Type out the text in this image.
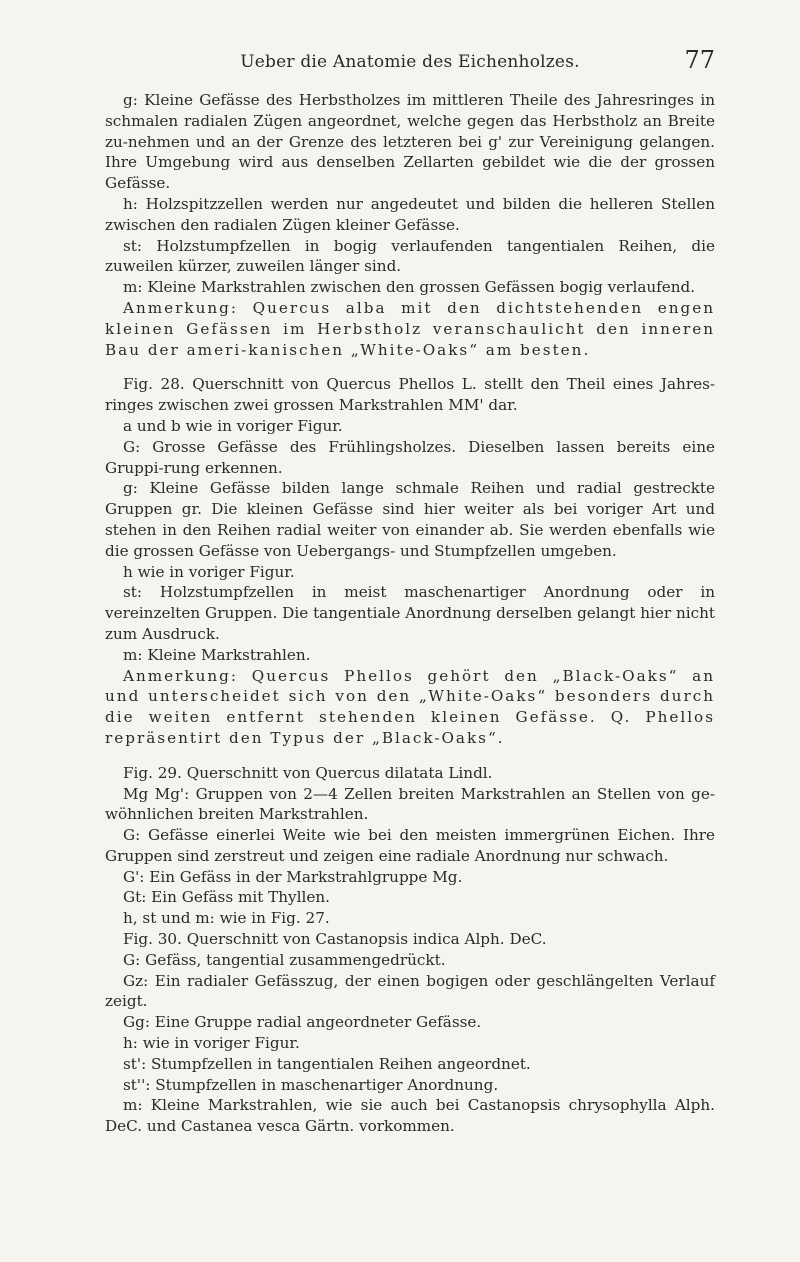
Ueber die Anatomie des Eichenholzes.	77

g: Kleine Gefässe des Herbstholzes im mittleren Theile des Jahresringes in schmalen radialen Zügen angeordnet, welche gegen das Herbstholz an Breite zu-nehmen und an der Grenze des letzteren bei g' zur Vereinigung gelangen. Ihre Umgebung wird aus denselben Zellarten gebildet wie die der grossen Gefässe.

h: Holzspitzzellen werden nur angedeutet und bilden die helleren Stellen zwischen den radialen Zügen kleiner Gefässe.

st: Holzstumpfzellen in bogig verlaufenden tangentialen Reihen, die zuweilen kürzer, zuweilen länger sind.

m: Kleine Markstrahlen zwischen den grossen Gefässen bogig verlaufend.

Anmerkung: Quercus alba mit den dichtstehenden engen kleinen Gefässen im Herbstholz veranschaulicht den inneren Bau der ameri-kanischen „White-Oaks“ am besten.

Fig. 28. Querschnitt von Quercus Phellos L. stellt den Theil eines Jahres-ringes zwischen zwei grossen Markstrahlen MM' dar.

a und b wie in voriger Figur.

G: Grosse Gefässe des Frühlingsholzes. Dieselben lassen bereits eine Gruppi-rung erkennen.

g: Kleine Gefässe bilden lange schmale Reihen und radial gestreckte Gruppen gr. Die kleinen Gefässe sind hier weiter als bei voriger Art und stehen in den Reihen radial weiter von einander ab. Sie werden ebenfalls wie die grossen Gefässe von Uebergangs- und Stumpfzellen umgeben.

h wie in voriger Figur.

st: Holzstumpfzellen in meist maschenartiger Anordnung oder in vereinzelten Gruppen. Die tangentiale Anordnung derselben gelangt hier nicht zum Ausdruck.

m: Kleine Markstrahlen.

Anmerkung: Quercus Phellos gehört den „Black-Oaks“ an und unterscheidet sich von den „White-Oaks“ besonders durch die weiten entfernt stehenden kleinen Gefässe. Q. Phellos repräsentirt den Typus der „Black-Oaks“.

Fig. 29. Querschnitt von Quercus dilatata Lindl.

Mg Mg': Gruppen von 2—4 Zellen breiten Markstrahlen an Stellen von ge-wöhnlichen breiten Markstrahlen.

G: Gefässe einerlei Weite wie bei den meisten immergrünen Eichen. Ihre Gruppen sind zerstreut und zeigen eine radiale Anordnung nur schwach.

G': Ein Gefäss in der Markstrahlgruppe Mg.

Gt: Ein Gefäss mit Thyllen.

h, st und m: wie in Fig. 27.

Fig. 30. Querschnitt von Castanopsis indica Alph. DeC.

G: Gefäss, tangential zusammengedrückt.

Gz: Ein radialer Gefässzug, der einen bogigen oder geschlängelten Verlauf zeigt.

Gg: Eine Gruppe radial angeordneter Gefässe.

h: wie in voriger Figur.

st': Stumpfzellen in tangentialen Reihen angeordnet.

st'': Stumpfzellen in maschenartiger Anordnung.

m: Kleine Markstrahlen, wie sie auch bei Castanopsis chrysophylla Alph. DeC. und Castanea vesca Gärtn. vorkommen.
